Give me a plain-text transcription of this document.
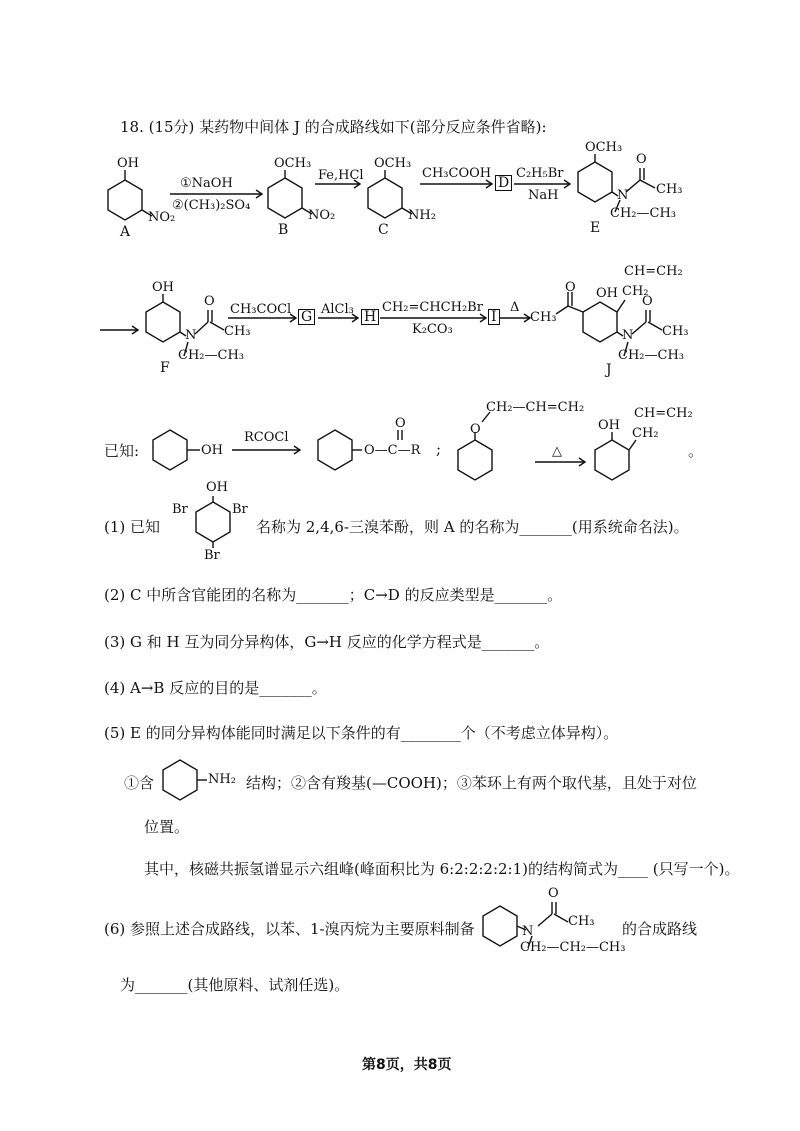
18. (15分) 某药物中间体 J 的合成路线如下(部分反应条件省略):
OH
NO₂
A
①NaOH
②(CH₃)₂SO₄
OCH₃
NO₂
B
Fe,HCl
OCH₃
NH₂
C
CH₃COOH
D
C₂H₅Br
NaH
OCH₃
N
O
CH₃
CH₂—CH₃
E
OH
N
O
CH₃
CH₂—CH₃
F
CH₃COCl G AlCl₃ H
CH₂=CHCH₂Br
K₂CO₃
I
Δ
CH₃
O OH CH₂
CH=CH₂
N
O
CH₃
CH₂—CH₃
J
已知:	OH
RCOCl
O—C—R
O
;
O
CH₂—CH=CH₂
△
OH
CH₂
CH=CH₂
。
(1) 已知
OH
Br	Br
Br
名称为 2,4,6-三溴苯酚，则 A 的名称为_______(用系统命名法)。
(2) C 中所含官能团的名称为_______；C→D 的反应类型是_______。
(3) G 和 H 互为同分异构体，G→H 反应的化学方程式是_______。
(4) A→B 反应的目的是_______。
(5) E 的同分异构体能同时满足以下条件的有________个（不考虑立体异构）。
①含	NH₂ 结构；②含有羧基(—COOH)；③苯环上有两个取代基，且处于对位
位置。
其中，核磁共振氢谱显示六组峰(峰面积比为 6:2:2:2:2:1)的结构简式为____ (只写一个)。
(6) 参照上述合成路线，以苯、1-溴丙烷为主要原料制备	N
O
CH₃
CH₂—CH₂—CH₃
的合成路线
为_______(其他原料、试剂任选)。
第8页，共8页
